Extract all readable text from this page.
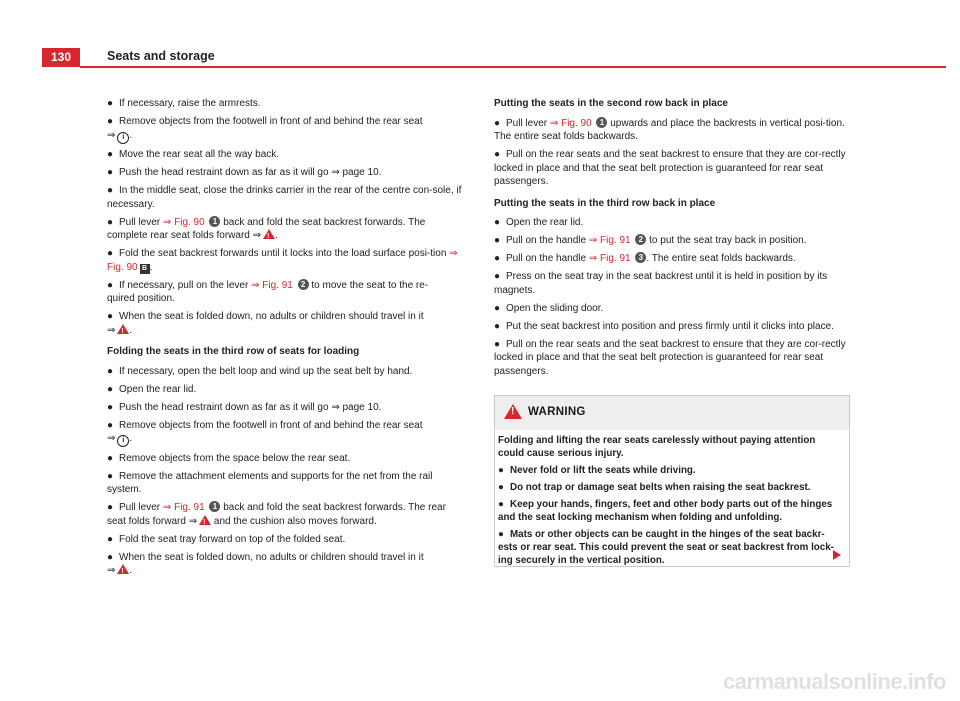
130	Seats and storage
● If necessary, raise the armrests.
● Remove objects from the footwell in front of and behind the rear seat
⇒ i .
● Move the rear seat all the way back.
● Push the head restraint down as far as it will go ⇒ page 10.
● In the middle seat, close the drinks carrier in the rear of the centre con-sole, if necessary.
● Pull lever ⇒ Fig. 90 1 back and fold the seat backrest forwards. The
complete rear seat folds forward ⇒ ! .
● Fold the seat backrest forwards until it locks into the load surface posi-tion ⇒ Fig. 90 B .
● If necessary, pull on the lever ⇒ Fig. 91 2 to move the seat to the re-
quired position.
● When the seat is folded down, no adults or children should travel in it
⇒ ! .
Folding the seats in the third row of seats for loading
● If necessary, open the belt loop and wind up the seat belt by hand.
● Open the rear lid.
● Push the head restraint down as far as it will go ⇒ page 10.
● Remove objects from the footwell in front of and behind the rear seat
⇒ i .
● Remove objects from the space below the rear seat.
● Remove the attachment elements and supports for the net from the rail system.
● Pull lever ⇒ Fig. 91 1 back and fold the seat backrest forwards. The rear
seat folds forward ⇒ ! and the cushion also moves forward.
● Fold the seat tray forward on top of the folded seat.
● When the seat is folded down, no adults or children should travel in it
⇒ ! .
Putting the seats in the second row back in place
● Pull lever ⇒ Fig. 90 1 upwards and place the backrests in vertical posi-tion. The entire seat folds backwards.
● Pull on the rear seats and the seat backrest to ensure that they are cor-rectly locked in place and that the seat belt protection is guaranteed for rear seat passengers.
Putting the seats in the third row back in place
● Open the rear lid.
● Pull on the handle ⇒ Fig. 91 2 to put the seat tray back in position.
● Pull on the handle ⇒ Fig. 91 3 . The entire seat folds backwards.
● Press on the seat tray in the seat backrest until it is held in position by its magnets.
● Open the sliding door.
● Put the seat backrest into position and press firmly until it clicks into place.
● Pull on the rear seats and the seat backrest to ensure that they are cor-rectly locked in place and that the seat belt protection is guaranteed for rear seat passengers.
! WARNING
Folding and lifting the rear seats carelessly without paying attention could cause serious injury.
● Never fold or lift the seats while driving.
● Do not trap or damage seat belts when raising the seat backrest.
● Keep your hands, fingers, feet and other body parts out of the hinges and the seat locking mechanism when folding and unfolding.
● Mats or other objects can be caught in the hinges of the seat backr-ests or rear seat. This could prevent the seat or seat backrest from lock-ing securely in the vertical position.
carmanualsonline.info
